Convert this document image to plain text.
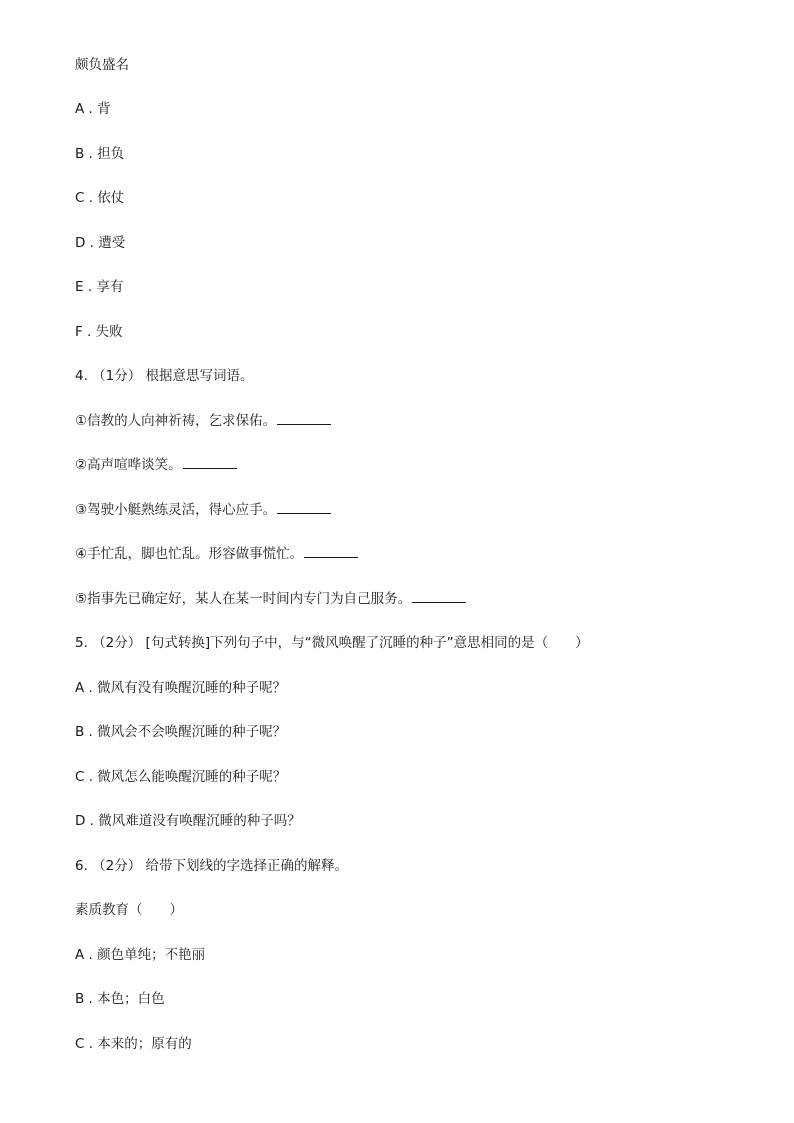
颇负盛名
A . 背
B . 担负
C . 依仗
D . 遭受
E . 享有
F . 失败
4. （1分） 根据意思写词语。
①信教的人向神祈祷，乞求保佑。
②高声喧哗谈笑。
③驾驶小艇熟练灵活，得心应手。
④手忙乱，脚也忙乱。形容做事慌忙。
⑤指事先已确定好，某人在某一时间内专门为自己服务。
5. （2分） [句式转换]下列句子中，与“微风唤醒了沉睡的种子”意思相同的是（　　）
A . 微风有没有唤醒沉睡的种子呢？
B . 微风会不会唤醒沉睡的种子呢？
C . 微风怎么能唤醒沉睡的种子呢？
D . 微风难道没有唤醒沉睡的种子吗？
6. （2分） 给带下划线的字选择正确的解释。
素质教育（　　）
A . 颜色单纯；不艳丽
B . 本色；白色
C . 本来的；原有的
